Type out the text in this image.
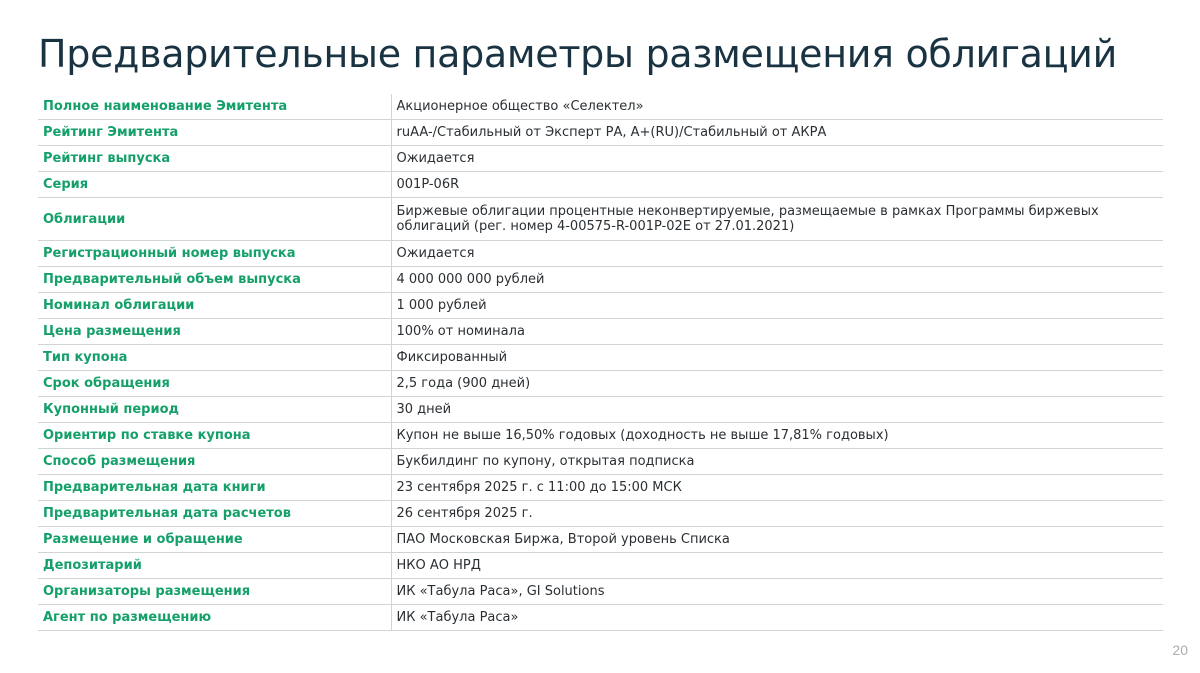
Предварительные параметры размещения облигаций
Полное наименование Эмитента	Акционерное общество «Селектел»
Рейтинг Эмитента	ruAA-/Стабильный от Эксперт РА, A+(RU)/Стабильный от АКРА
Рейтинг выпуска	Ожидается
Серия	001P-06R
Облигации	Биржевые облигации процентные неконвертируемые, размещаемые в рамках Программы биржевых облигаций (рег. номер 4-00575-R-001P-02E от 27.01.2021)
Регистрационный номер выпуска	Ожидается
Предварительный объем выпуска	4 000 000 000 рублей
Номинал облигации	1 000 рублей
Цена размещения	100% от номинала
Тип купона	Фиксированный
Срок обращения	2,5 года (900 дней)
Купонный период	30 дней
Ориентир по ставке купона	Купон не выше 16,50% годовых (доходность не выше 17,81% годовых)
Способ размещения	Букбилдинг по купону, открытая подписка
Предварительная дата книги	23 сентября 2025 г. с 11:00 до 15:00 МСК
Предварительная дата расчетов	26 сентября 2025 г.
Размещение и обращение	ПАО Московская Биржа, Второй уровень Списка
Депозитарий	НКО АО НРД
Организаторы размещения	ИК «Табула Раса», GI Solutions
Агент по размещению	ИК «Табула Раса»
20
